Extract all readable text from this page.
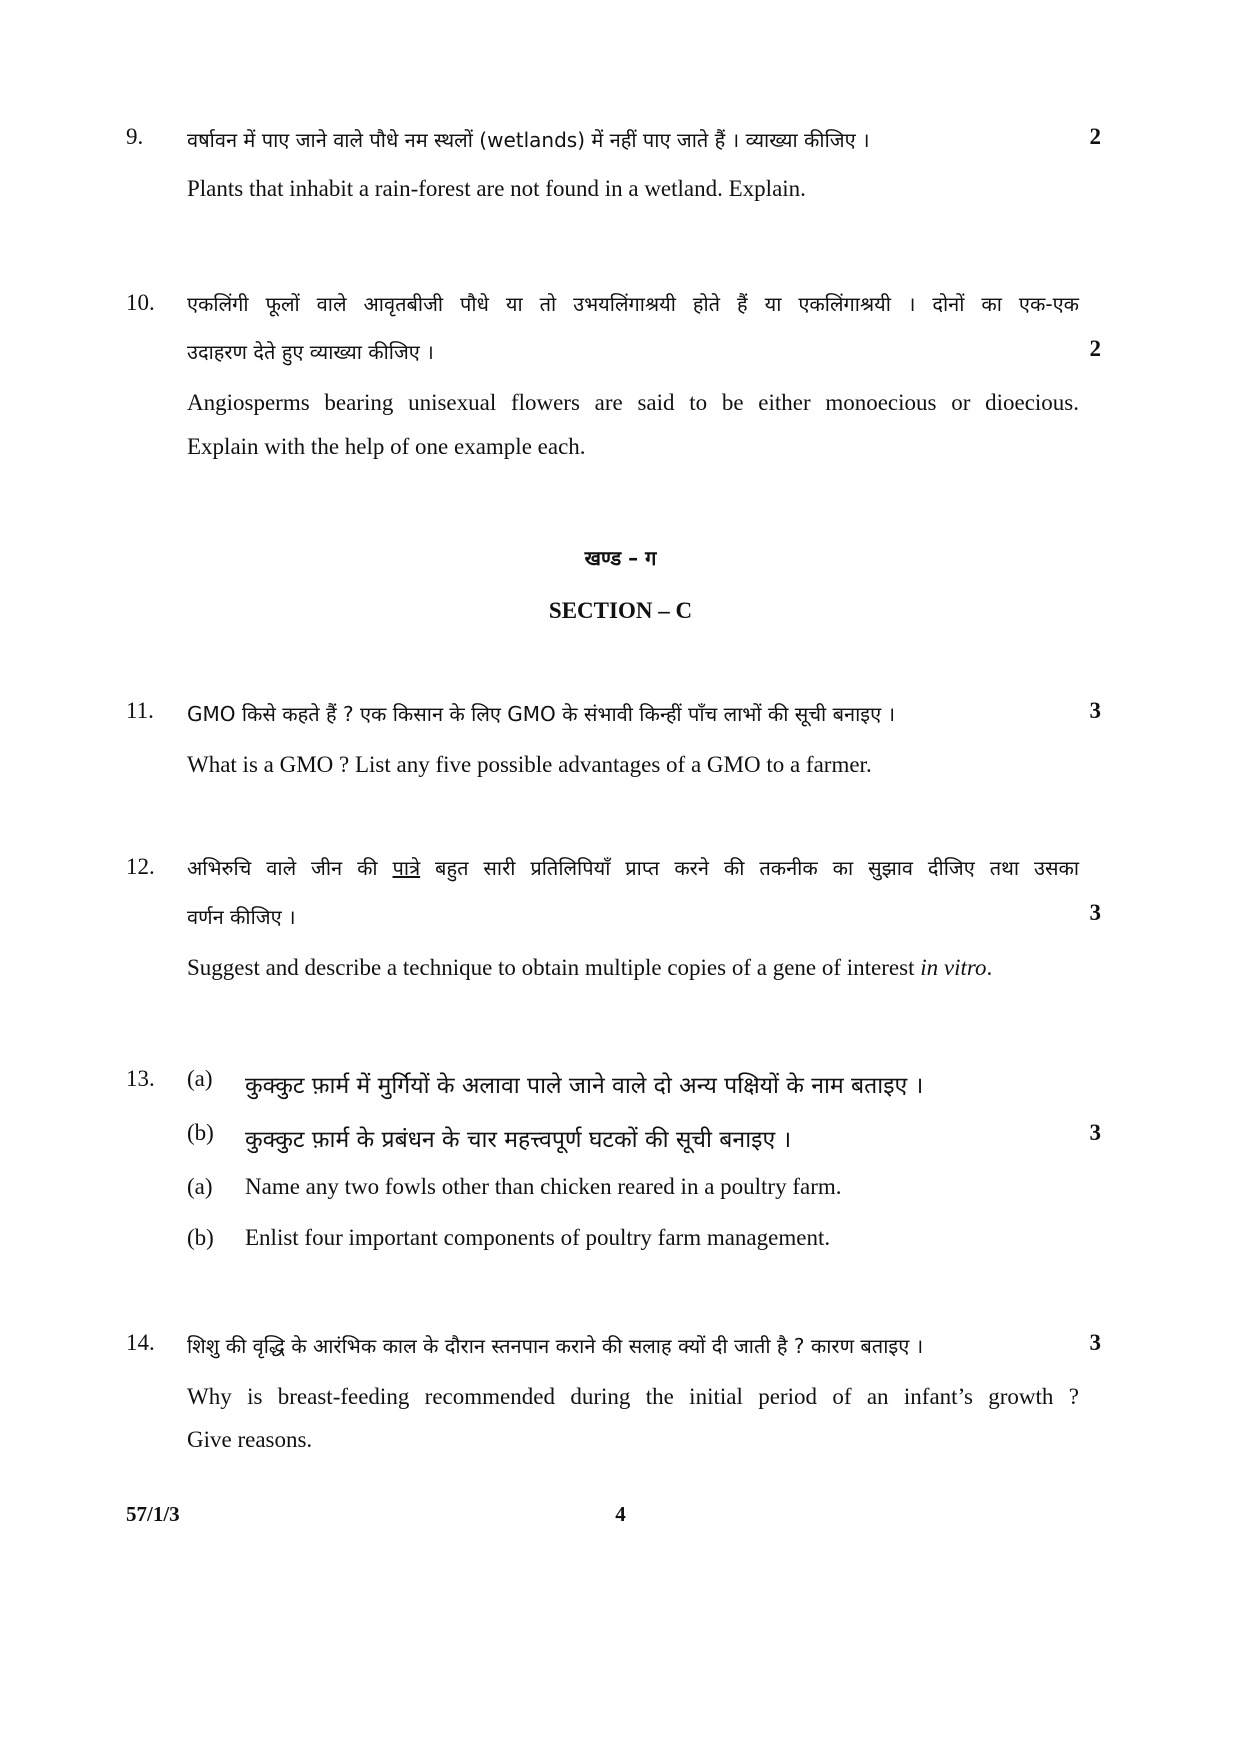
9. वर्षावन में पाए जाने वाले पौधे नम स्थलों (wetlands) में नहीं पाए जाते हैं । व्याख्या कीजिए ।	2
Plants that inhabit a rain-forest are not found in a wetland. Explain.
10. एकलिंगी फूलों वाले आवृतबीजी पौधे या तो उभयलिंगाश्रयी होते हैं या एकलिंगाश्रयी । दोनों का एक-एक
उदाहरण देते हुए व्याख्या कीजिए ।	2
Angiosperms bearing unisexual flowers are said to be either monoecious or dioecious.
Explain with the help of one example each.
खण्ड – ग
SECTION – C
11. GMO किसे कहते हैं ? एक किसान के लिए GMO के संभावी किन्हीं पाँच लाभों की सूची बनाइए ।	3
What is a GMO ? List any five possible advantages of a GMO to a farmer.
12. अभिरुचि वाले जीन की पात्रे बहुत सारी प्रतिलिपियाँ प्राप्त करने की तकनीक का सुझाव दीजिए तथा उसका
वर्णन कीजिए ।	3
Suggest and describe a technique to obtain multiple copies of a gene of interest in vitro.
13. (a) कुक्कुट फ़ार्म में मुर्गियों के अलावा पाले जाने वाले दो अन्य पक्षियों के नाम बताइए ।
(b) कुक्कुट फ़ार्म के प्रबंधन के चार महत्त्वपूर्ण घटकों की सूची बनाइए ।	3
(a) Name any two fowls other than chicken reared in a poultry farm.
(b) Enlist four important components of poultry farm management.
14. शिशु की वृद्धि के आरंभिक काल के दौरान स्तनपान कराने की सलाह क्यों दी जाती है ? कारण बताइए ।	3
Why is breast-feeding recommended during the initial period of an infant’s growth ?
Give reasons.
57/1/3	4
